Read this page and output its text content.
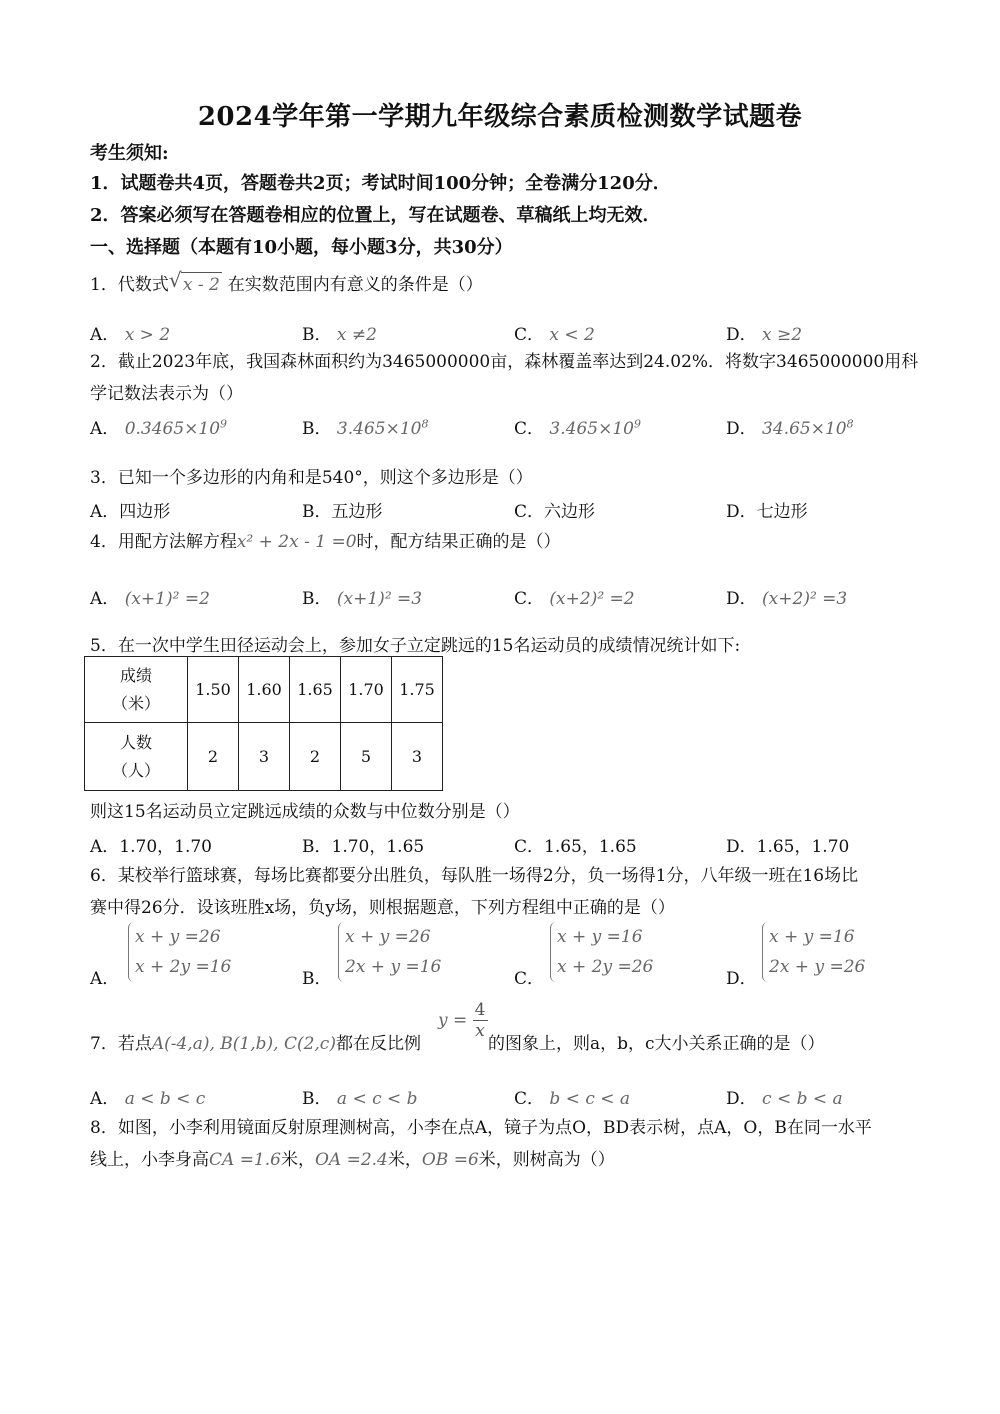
2024学年第一学期九年级综合素质检测数学试题卷
考生须知:
1．试题卷共4页，答题卷共2页；考试时间100分钟；全卷满分120分．
2．答案必须写在答题卷相应的位置上，写在试题卷、草稿纸上均无效．
一、选择题（本题有10小题，每小题3分，共30分）
1．代数式 √ x - 2 在实数范围内有意义的条件是（）
A． x > 2	B． x ≠2	C． x < 2	D． x ≥2
2．截止2023年底，我国森林面积约为3465000000亩，森林覆盖率达到24.02%．将数字3465000000用科
学记数法表示为（）
A． $0.3465\times 10^9$	B． $3.465\times 10^8$	C． $3.465\times 10^9$	D． $34.65\times 10^8$
3．已知一个多边形的内角和是540°，则这个多边形是（）
A．四边形	B．五边形	C．六边形	D．七边形
4．用配方法解方程x² + 2x - 1 =0时，配方结果正确的是（）
A． (x+1)² =2	B． (x+1)² =3	C． (x+2)² =2	D． (x+2)² =3
5．在一次中学生田径运动会上，参加女子立定跳远的15名运动员的成绩情况统计如下:
成绩
（米）	1.50	1.60	1.65	1.70	1.75
人数
（人）	2	3	2	5	3
则这15名运动员立定跳远成绩的众数与中位数分别是（）
A．1.70，1.70	B．1.70，1.65	C．1.65，1.65	D．1.65，1.70
6．某校举行篮球赛，每场比赛都要分出胜负，每队胜一场得2分，负一场得1分，八年级一班在16场比
赛中得26分．设该班胜x场，负y场，则根据题意，下列方程组中正确的是（）
A．
x + y =26
x + 2y =16
B．
x + y =26
2x + y =16
C．
x + y =16
x + 2y =26
D．
x + y =16
2x + y =26
7．若点A(-4,a), B(1,b), C(2,c)都在反比例
$y = \frac{4}{x}$
的图象上，则a，b，c大小关系正确的是（）
A． a < b < c	B． a < c < b	C． b < c < a	D． c < b < a
8．如图，小李利用镜面反射原理测树高，小李在点A，镜子为点O，BD表示树，点A，O，B在同一水平
线上，小李身高CA =1.6米，OA =2.4米，OB =6米，则树高为（）
